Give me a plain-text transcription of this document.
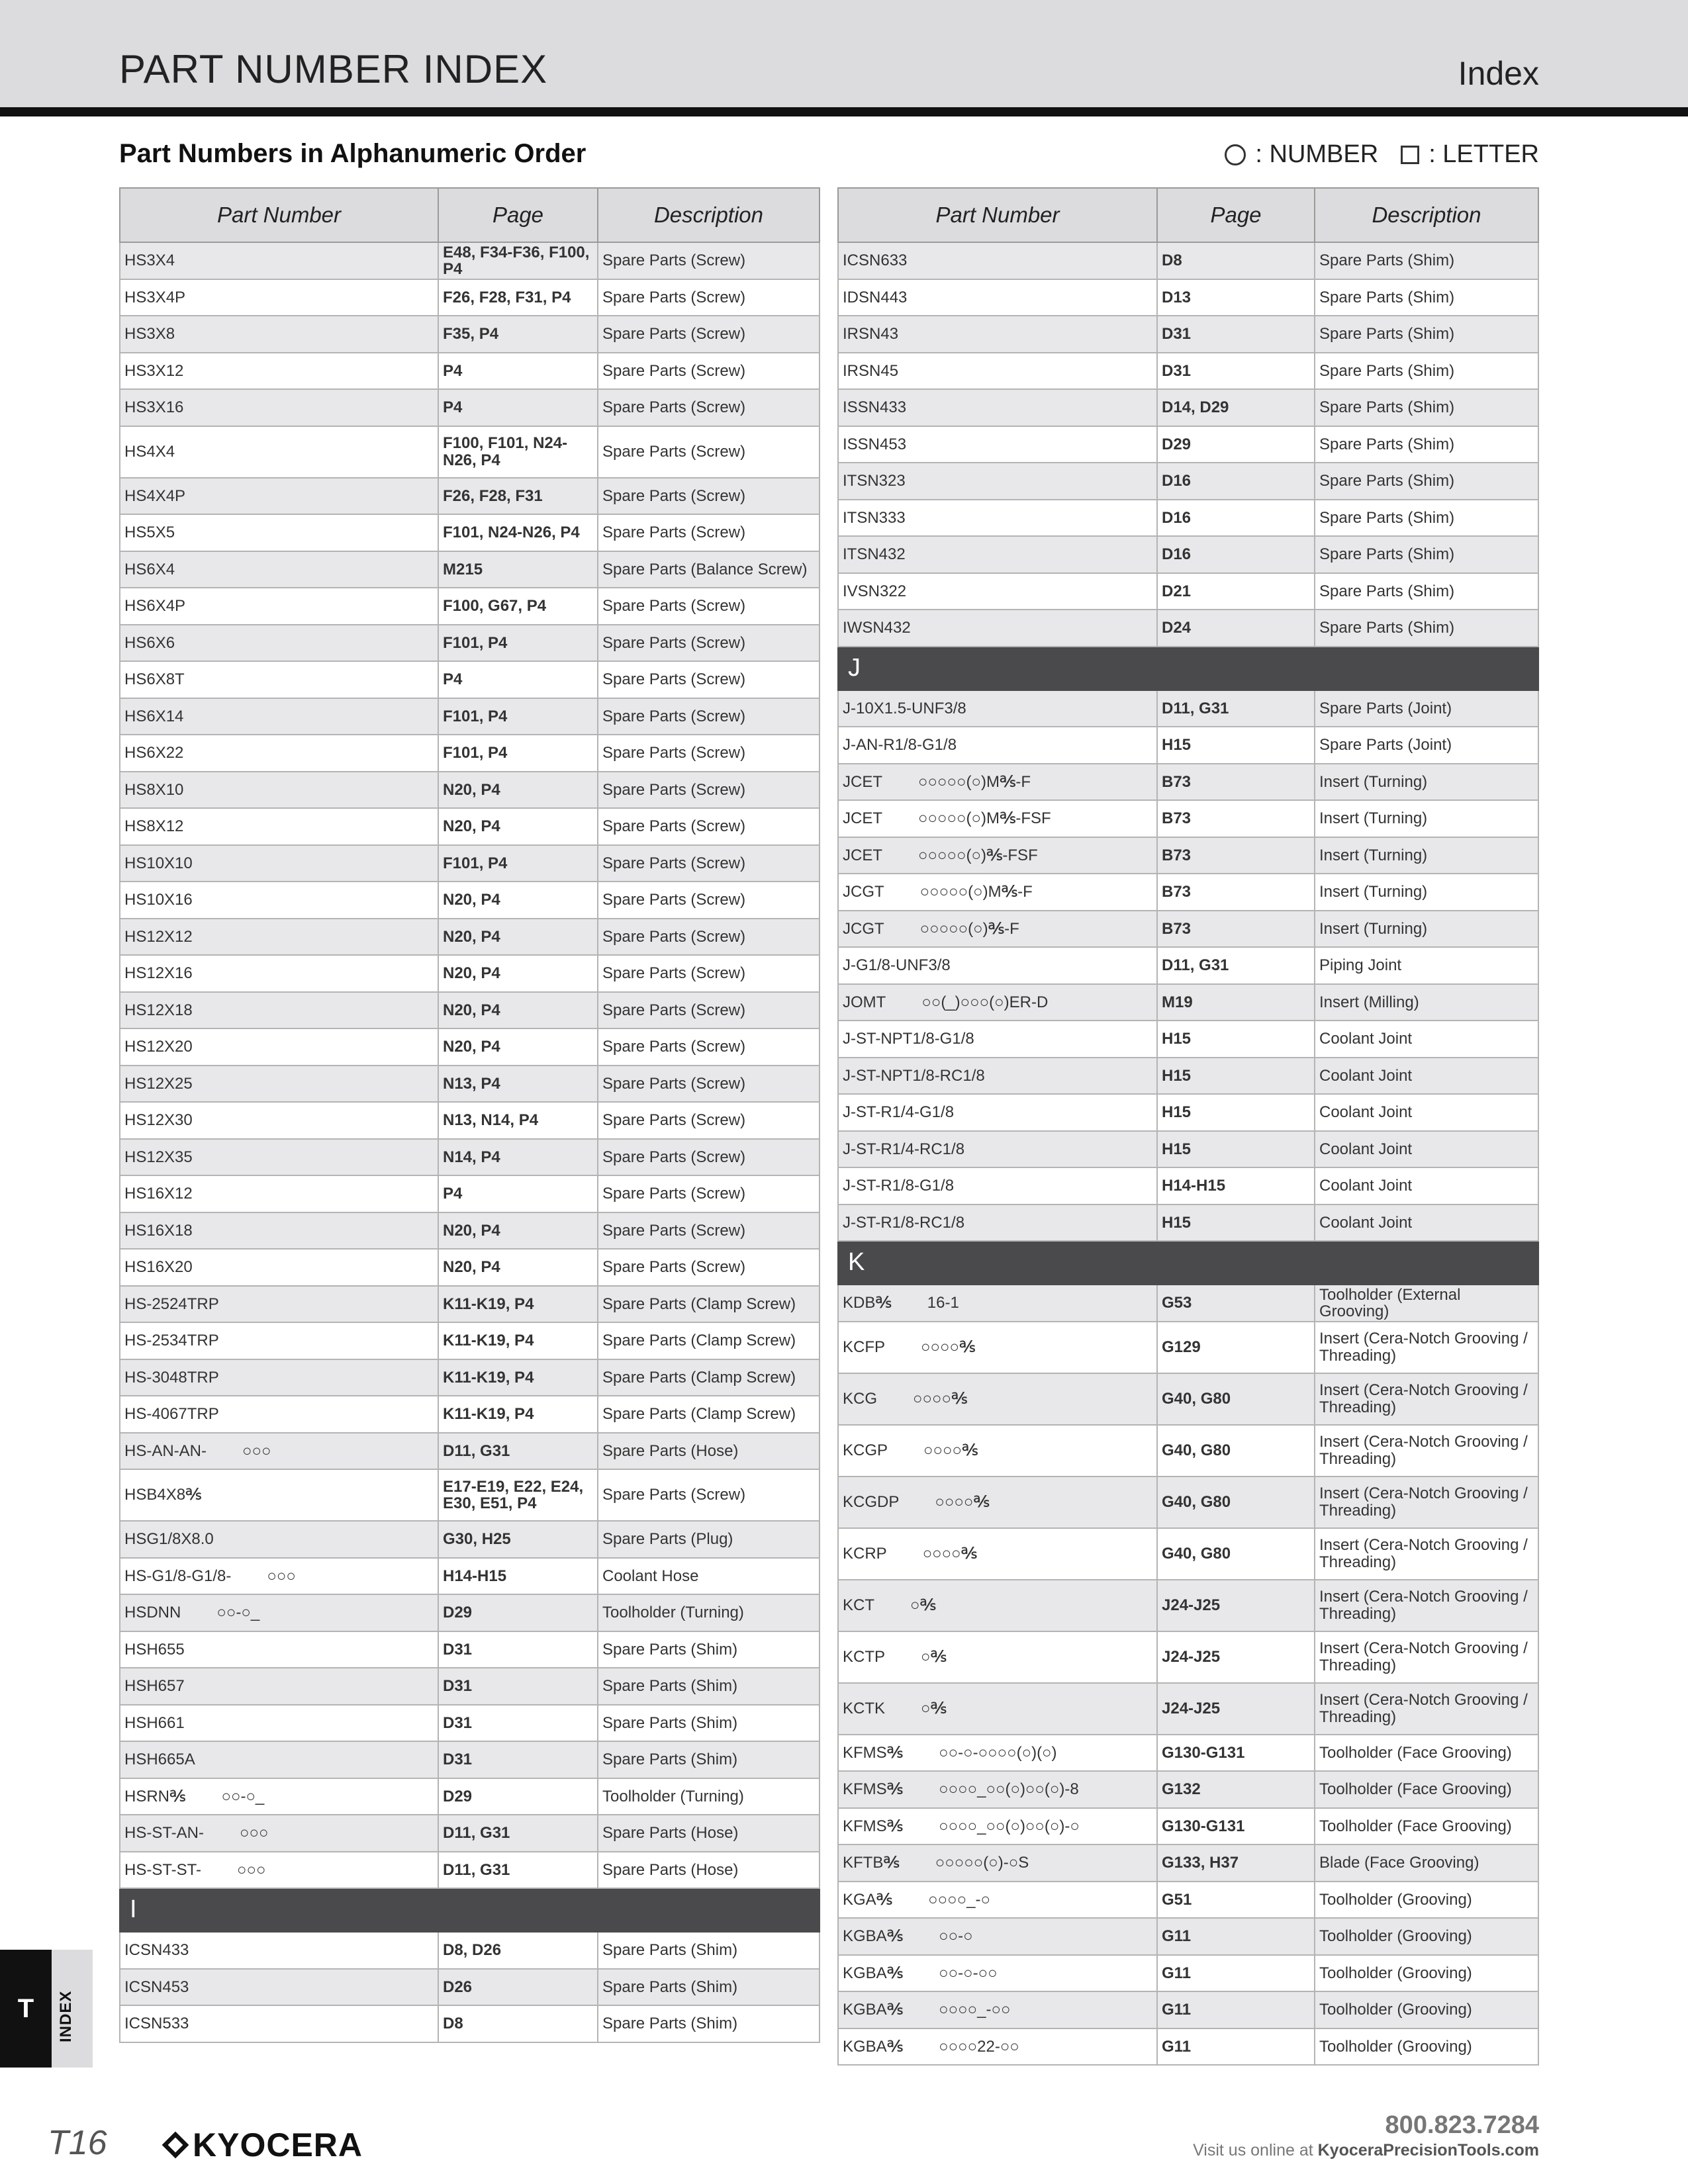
PART NUMBER INDEX	Index
Part Numbers in Alphanumeric Order	: NUMBER : LETTER
Part Number	Page	Description
HS3X4	E48, F34-F36, F100, P4	Spare Parts (Screw)
HS3X4P	F26, F28, F31, P4	Spare Parts (Screw)
HS3X8	F35, P4	Spare Parts (Screw)
HS3X12	P4	Spare Parts (Screw)
HS3X16	P4	Spare Parts (Screw)
HS4X4	F100, F101, N24-N26, P4	Spare Parts (Screw)
HS4X4P	F26, F28, F31	Spare Parts (Screw)
HS5X5	F101, N24-N26, P4	Spare Parts (Screw)
HS6X4	M215	Spare Parts (Balance Screw)
HS6X4P	F100, G67, P4	Spare Parts (Screw)
HS6X6	F101, P4	Spare Parts (Screw)
HS6X8T	P4	Spare Parts (Screw)
HS6X14	F101, P4	Spare Parts (Screw)
HS6X22	F101, P4	Spare Parts (Screw)
HS8X10	N20, P4	Spare Parts (Screw)
HS8X12	N20, P4	Spare Parts (Screw)
HS10X10	F101, P4	Spare Parts (Screw)
HS10X16	N20, P4	Spare Parts (Screw)
HS12X12	N20, P4	Spare Parts (Screw)
HS12X16	N20, P4	Spare Parts (Screw)
HS12X18	N20, P4	Spare Parts (Screw)
HS12X20	N20, P4	Spare Parts (Screw)
HS12X25	N13, P4	Spare Parts (Screw)
HS12X30	N13, N14, P4	Spare Parts (Screw)
HS12X35	N14, P4	Spare Parts (Screw)
HS16X12	P4	Spare Parts (Screw)
HS16X18	N20, P4	Spare Parts (Screw)
HS16X20	N20, P4	Spare Parts (Screw)
HS-2524TRP	K11-K19, P4	Spare Parts (Clamp Screw)
HS-2534TRP	K11-K19, P4	Spare Parts (Clamp Screw)
HS-3048TRP	K11-K19, P4	Spare Parts (Clamp Screw)
HS-4067TRP	K11-K19, P4	Spare Parts (Clamp Screw)
HS-AN-AN- ○○○	D11, G31	Spare Parts (Hose)
HSB4X8℁	E17-E19, E22, E24, E30, E51, P4	Spare Parts (Screw)
HSG1/8X8.0	G30, H25	Spare Parts (Plug)
HS-G1/8-G1/8- ○○○	H14-H15	Coolant Hose
HSDNN ○○-○_	D29	Toolholder (Turning)
HSH655	D31	Spare Parts (Shim)
HSH657	D31	Spare Parts (Shim)
HSH661	D31	Spare Parts (Shim)
HSH665A	D31	Spare Parts (Shim)
HSRN℁ ○○-○_	D29	Toolholder (Turning)
HS-ST-AN- ○○○	D11, G31	Spare Parts (Hose)
HS-ST-ST- ○○○	D11, G31	Spare Parts (Hose)
I		
ICSN433	D8, D26	Spare Parts (Shim)
ICSN453	D26	Spare Parts (Shim)
ICSN533	D8	Spare Parts (Shim)
Part Number	Page	Description
ICSN633	D8	Spare Parts (Shim)
IDSN443	D13	Spare Parts (Shim)
IRSN43	D31	Spare Parts (Shim)
IRSN45	D31	Spare Parts (Shim)
ISSN433	D14, D29	Spare Parts (Shim)
ISSN453	D29	Spare Parts (Shim)
ITSN323	D16	Spare Parts (Shim)
ITSN333	D16	Spare Parts (Shim)
ITSN432	D16	Spare Parts (Shim)
IVSN322	D21	Spare Parts (Shim)
IWSN432	D24	Spare Parts (Shim)
J		
J-10X1.5-UNF3/8	D11, G31	Spare Parts (Joint)
J-AN-R1/8-G1/8	H15	Spare Parts (Joint)
JCET ○○○○○(○)M℁-F	B73	Insert (Turning)
JCET ○○○○○(○)M℁-FSF	B73	Insert (Turning)
JCET ○○○○○(○)℁-FSF	B73	Insert (Turning)
JCGT ○○○○○(○)M℁-F	B73	Insert (Turning)
JCGT ○○○○○(○)℁-F	B73	Insert (Turning)
J-G1/8-UNF3/8	D11, G31	Piping Joint
JOMT ○○(_)○○○(○)ER-D	M19	Insert (Milling)
J-ST-NPT1/8-G1/8	H15	Coolant Joint
J-ST-NPT1/8-RC1/8	H15	Coolant Joint
J-ST-R1/4-G1/8	H15	Coolant Joint
J-ST-R1/4-RC1/8	H15	Coolant Joint
J-ST-R1/8-G1/8	H14-H15	Coolant Joint
J-ST-R1/8-RC1/8	H15	Coolant Joint
K		
KDB℁ 16-1	G53	Toolholder (External Grooving)
KCFP ○○○○℁	G129	Insert (Cera-Notch Grooving / Threading)
KCG ○○○○℁	G40, G80	Insert (Cera-Notch Grooving / Threading)
KCGP ○○○○℁	G40, G80	Insert (Cera-Notch Grooving / Threading)
KCGDP ○○○○℁	G40, G80	Insert (Cera-Notch Grooving / Threading)
KCRP ○○○○℁	G40, G80	Insert (Cera-Notch Grooving / Threading)
KCT ○℁	J24-J25	Insert (Cera-Notch Grooving / Threading)
KCTP ○℁	J24-J25	Insert (Cera-Notch Grooving / Threading)
KCTK ○℁	J24-J25	Insert (Cera-Notch Grooving / Threading)
KFMS℁ ○○-○-○○○○(○)(○)	G130-G131	Toolholder (Face Grooving)
KFMS℁ ○○○○_○○(○)○○(○)-8	G132	Toolholder (Face Grooving)
KFMS℁ ○○○○_○○(○)○○(○)-○	G130-G131	Toolholder (Face Grooving)
KFTB℁ ○○○○○(○)-○S	G133, H37	Blade (Face Grooving)
KGA℁ ○○○○_-○	G51	Toolholder (Grooving)
KGBA℁ ○○-○	G11	Toolholder (Grooving)
KGBA℁ ○○-○-○○	G11	Toolholder (Grooving)
KGBA℁ ○○○○_-○○	G11	Toolholder (Grooving)
KGBA℁ ○○○○22-○○	G11	Toolholder (Grooving)
T	INDEX
T16	KYOCERA
800.823.7284
Visit us online at KyoceraPrecisionTools.com
